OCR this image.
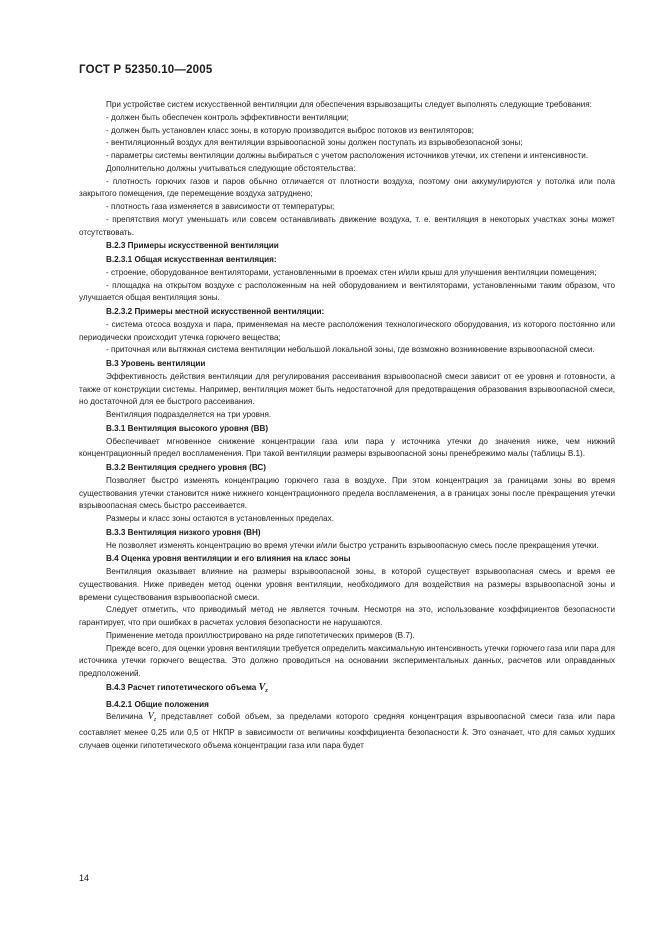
ГОСТ Р 52350.10—2005

При устройстве систем искусственной вентиляции для обеспечения взрывозащиты следует выполнять следующие требования:

- должен быть обеспечен контроль эффективности вентиляции;

- должен быть установлен класс зоны, в которую производится выброс потоков из вентиляторов;

- вентиляционный воздух для вентиляции взрывоопасной зоны должен поступать из взрывобезопасной зоны;

- параметры системы вентиляции должны выбираться с учетом расположения источников утечки, их степени и интенсивности.

Дополнительно должны учитываться следующие обстоятельства:

- плотность горючих газов и паров обычно отличается от плотности воздуха, поэтому они аккумулируются у потолка или пола закрытого помещения, где перемещение воздуха затруднено;

- плотность газа изменяется в зависимости от температуры;

- препятствия могут уменьшать или совсем останавливать движение воздуха, т. е. вентиляция в некоторых участках зоны может отсутствовать.

В.2.3 Примеры искусственной вентиляции

В.2.3.1 Общая искусственная вентиляция:

- строение, оборудованное вентиляторами, установленными в проемах стен и/или крыш для улучшения вентиляции помещения;

- площадка на открытом воздухе с расположенным на ней оборудованием и вентиляторами, установленными таким образом, что улучшается общая вентиляция зоны.

В.2.3.2 Примеры местной искусственной вентиляции:

- система отсоса воздуха и пара, применяемая на месте расположения технологического оборудования, из которого постоянно или периодически происходит утечка горючего вещества;

- приточная или вытяжная система вентиляции небольшой локальной зоны, где возможно возникновение взрывоопасной смеси.

В.3 Уровень вентиляции

Эффективность действия вентиляции для регулирования рассеивания взрывоопасной смеси зависит от ее уровня и готовности, а также от конструкции системы. Например, вентиляция может быть недостаточной для предотвращения образования взрывоопасной смеси, но достаточной для ее быстрого рассеивания.

Вентиляция подразделяется на три уровня.

В.3.1 Вентиляция высокого уровня (ВВ)

Обеспечивает мгновенное снижение концентрации газа или пара у источника утечки до значения ниже, чем нижний концентрационный предел воспламенения. При такой вентиляции размеры взрывоопасной зоны пренебрежимо малы (таблицы В.1).

В.3.2 Вентиляция среднего уровня (ВС)

Позволяет быстро изменять концентрацию горючего газа в воздухе. При этом концентрация за границами зоны во время существования утечки становится ниже нижнего концентрационного предела воспламенения, а в границах зоны после прекращения утечки взрывоопасная смесь быстро рассеивается.

Размеры и класс зоны остаются в установленных пределах.

В.3.3 Вентиляция низкого уровня (ВН)

Не позволяет изменять концентрацию во время утечки и/или быстро устранить взрывоопасную смесь после прекращения утечки.

В.4 Оценка уровня вентиляции и его влияния на класс зоны

Вентиляция оказывает влияние на размеры взрывоопасной зоны, в которой существует взрывоопасная смесь и время ее существования. Ниже приведен метод оценки уровня вентиляции, необходимого для воздействия на размеры взрывоопасной зоны и времени существования взрывоопасной смеси.

Следует отметить, что приводимый метод не является точным. Несмотря на это, использование коэффициентов безопасности гарантирует, что при ошибках в расчетах условия безопасности не нарушаются.

Применение метода проиллюстрировано на ряде гипотетических примеров (В.7).

Прежде всего, для оценки уровня вентиляции требуется определить максимальную интенсивность утечки горючего газа или пара для источника утечки горючего вещества. Это должно проводиться на основании экспериментальных данных, расчетов или оправданных предположений.

В.4.3 Расчет гипотетического объема $V_z$

В.4.2.1 Общие положения

Величина $V_z$ представляет собой объем, за пределами которого средняя концентрация взрывоопасной смеси газа или пара составляет менее 0,25 или 0,5 от НКПР в зависимости от величины коэффициента безопасности k. Это означает, что для самых худших случаев оценки гипотетического объема концентрации газа или пара будет

14
